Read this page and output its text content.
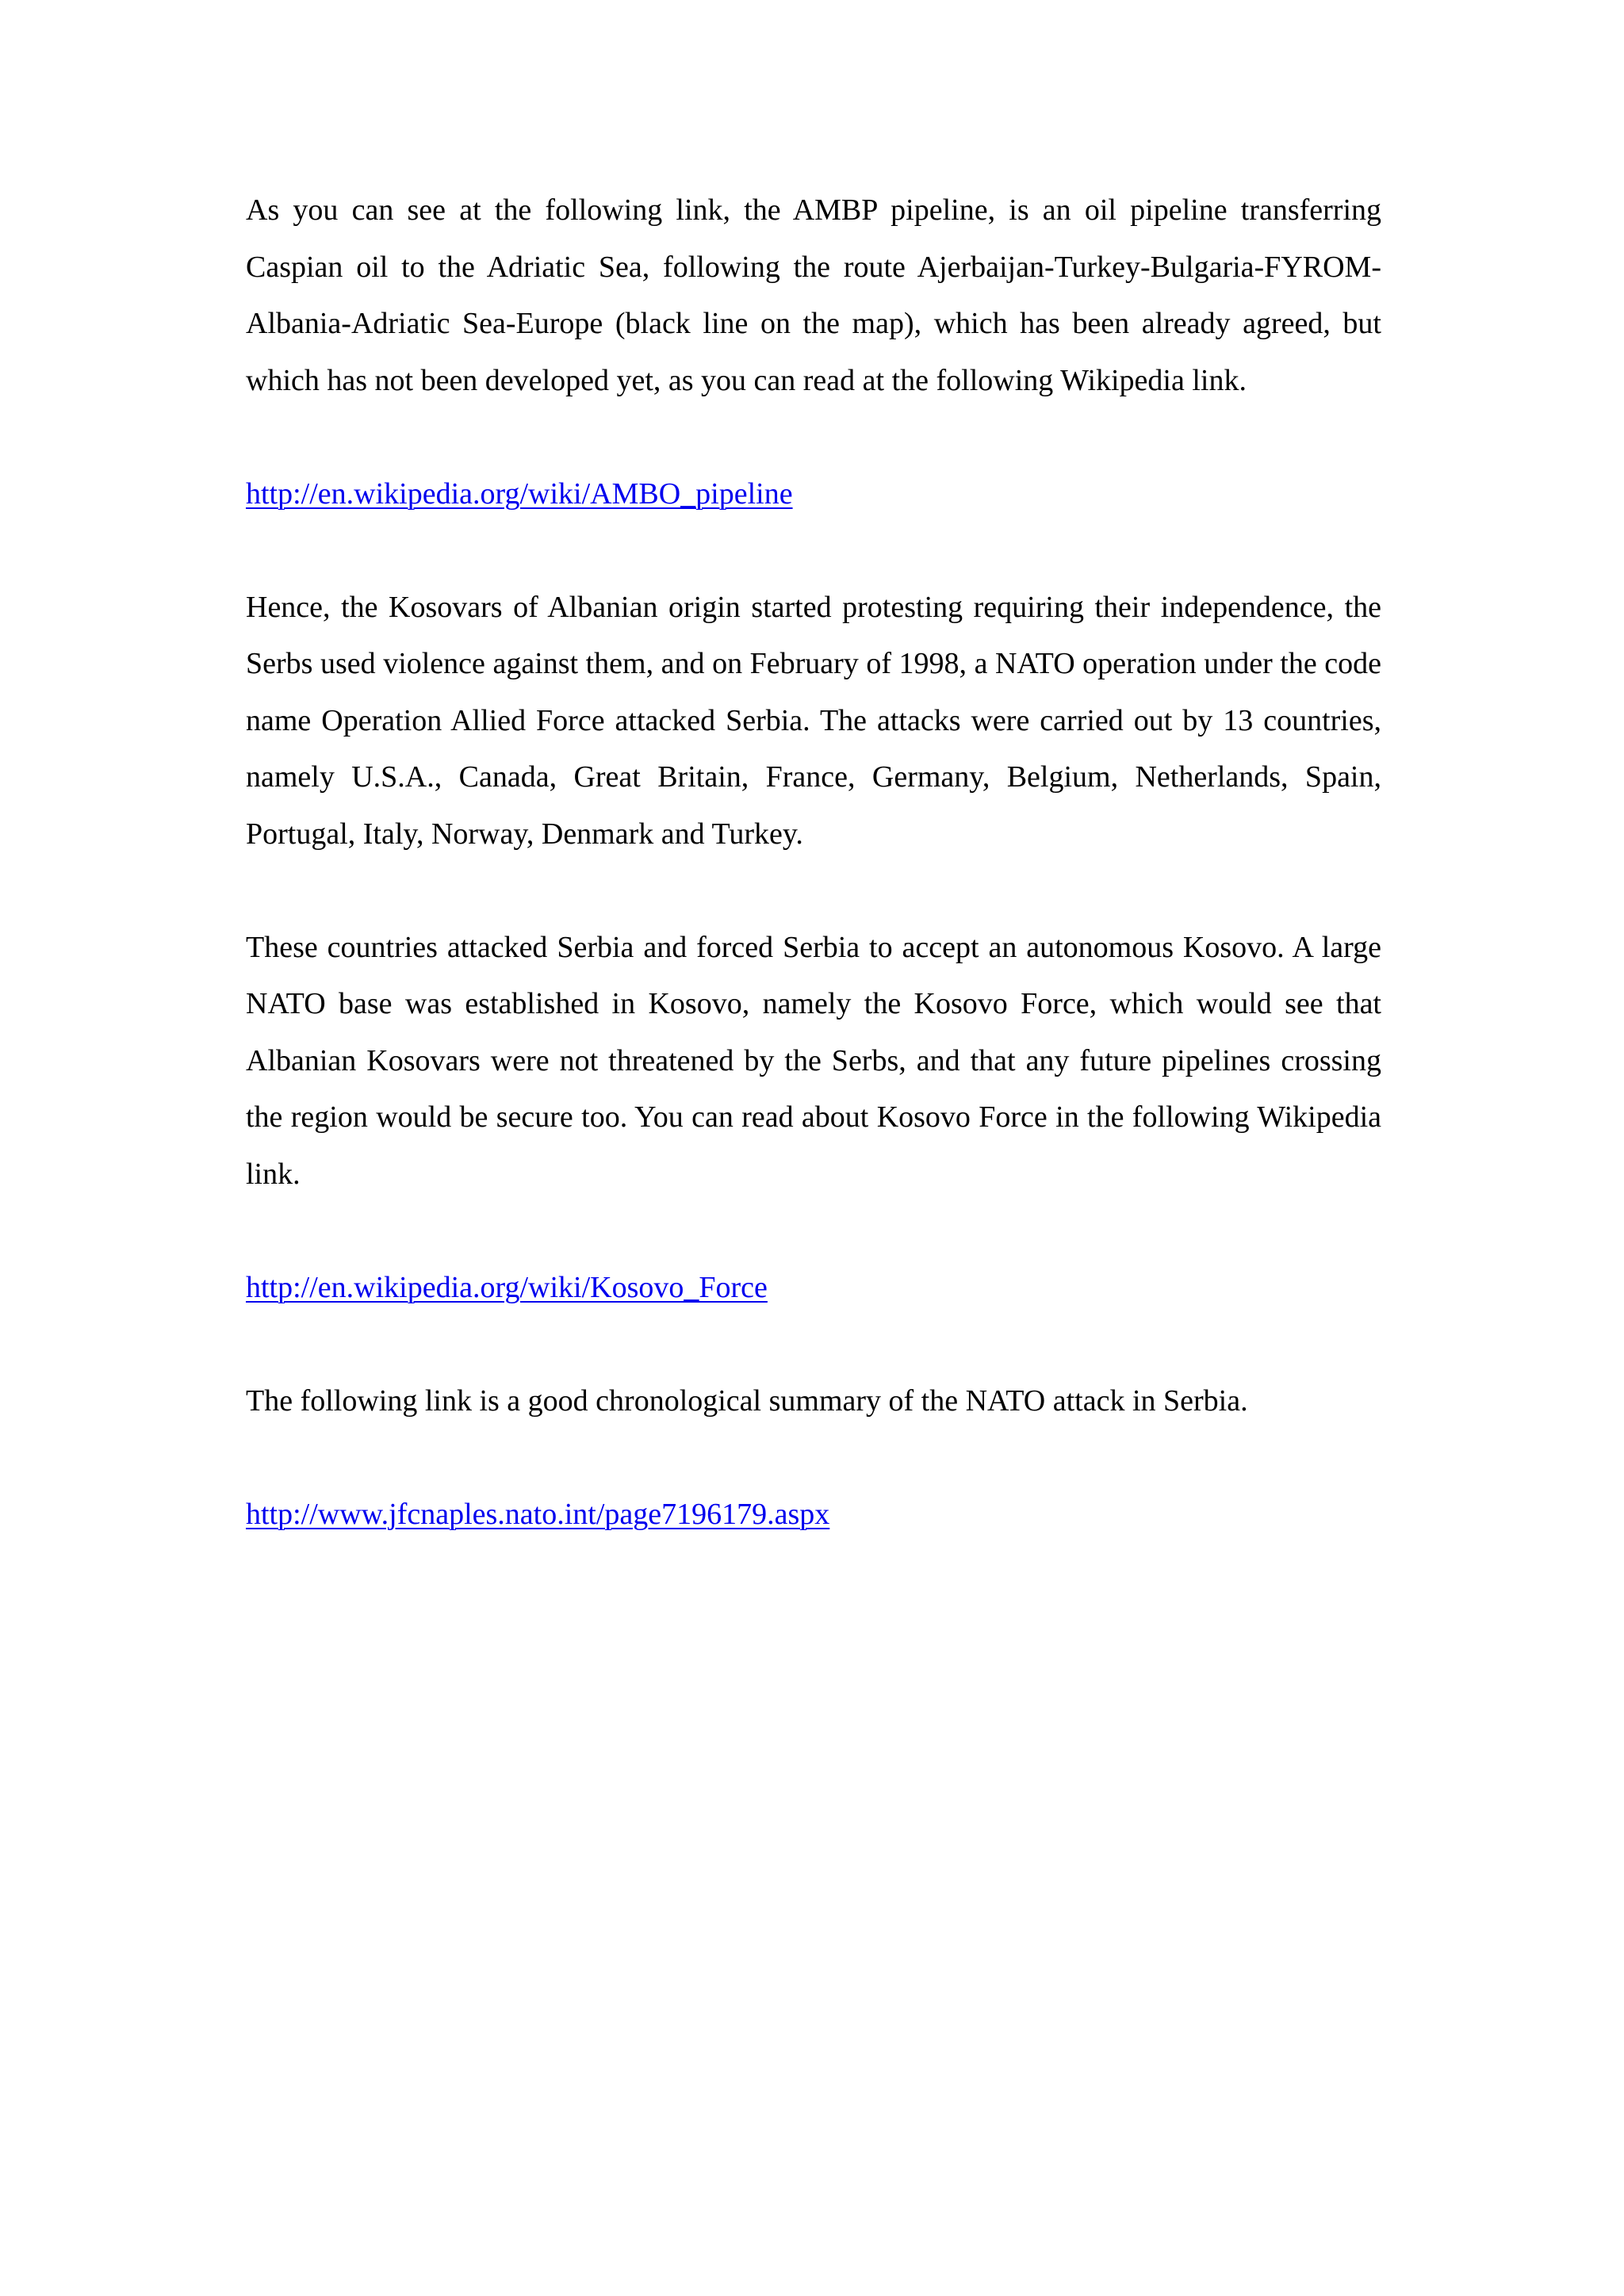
As you can see at the following link, the AMBP pipeline, is an oil pipeline transferring Caspian oil to the Adriatic Sea, following the route Ajerbaijan-Turkey-Bulgaria-FYROM-Albania-Adriatic Sea-Europe (black line on the map), which has been already agreed, but which has not been developed yet, as you can read at the following Wikipedia link.

http://en.wikipedia.org/wiki/AMBO_pipeline

Hence, the Kosovars of Albanian origin started protesting requiring their independence, the Serbs used violence against them, and on February of 1998, a NATO operation under the code name Operation Allied Force attacked Serbia. The attacks were carried out by 13 countries, namely U.S.A., Canada, Great Britain, France, Germany, Belgium, Netherlands, Spain, Portugal, Italy, Norway, Denmark and Turkey.

These countries attacked Serbia and forced Serbia to accept an autonomous Kosovo. A large NATO base was established in Kosovo, namely the Kosovo Force, which would see that Albanian Kosovars were not threatened by the Serbs, and that any future pipelines crossing the region would be secure too. You can read about Kosovo Force in the following Wikipedia link.

http://en.wikipedia.org/wiki/Kosovo_Force

The following link is a good chronological summary of the NATO attack in Serbia.

http://www.jfcnaples.nato.int/page7196179.aspx
